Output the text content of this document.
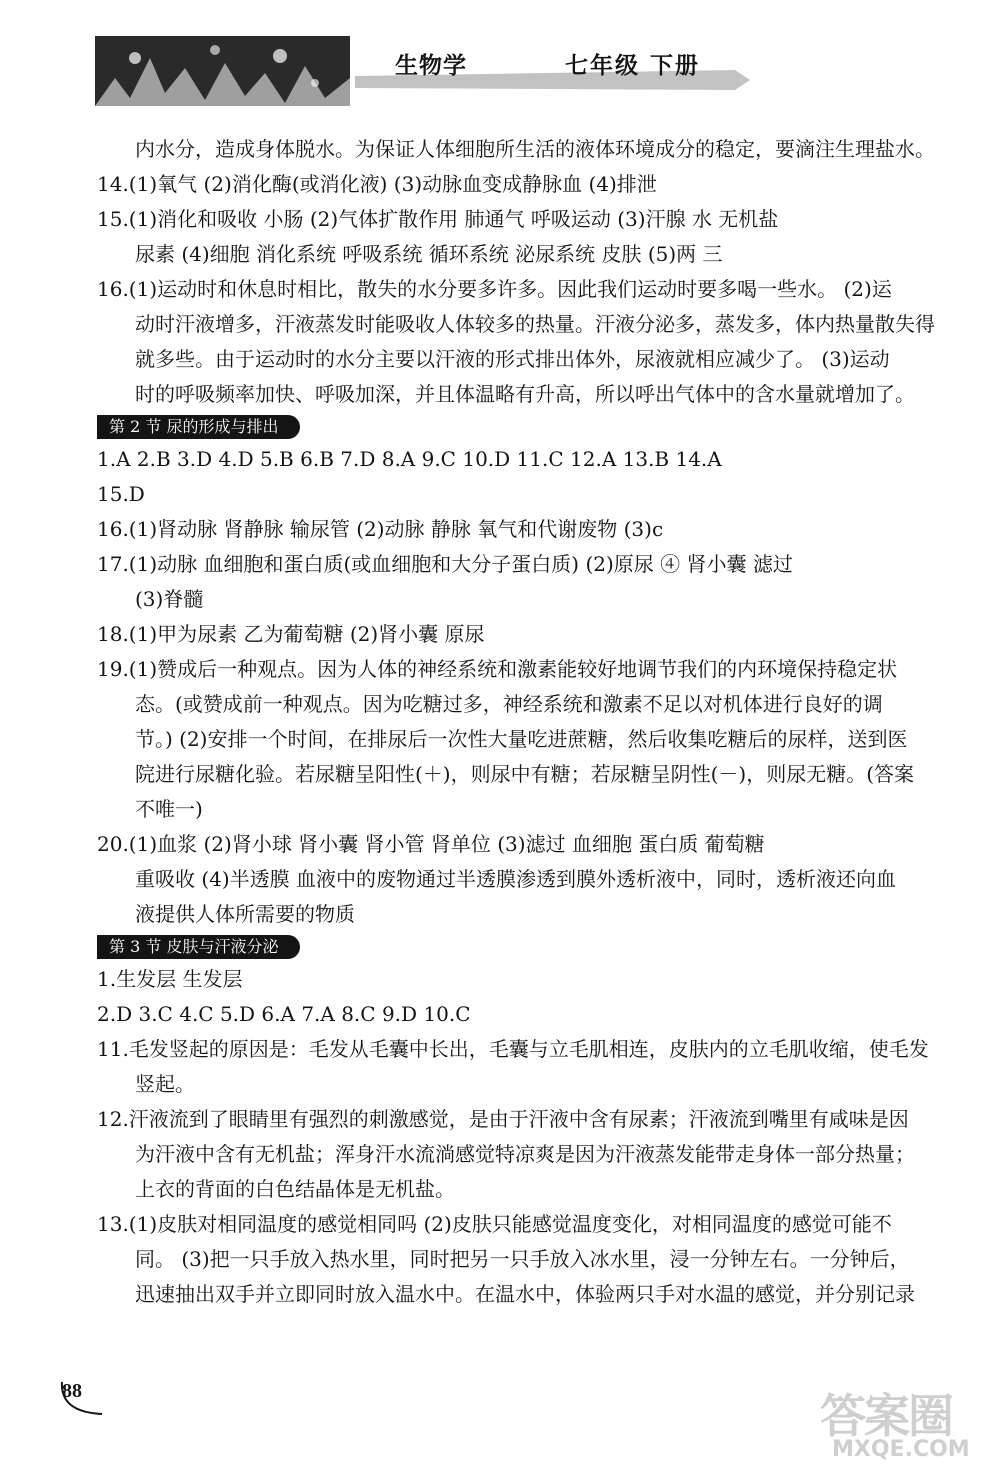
生物学	七年级 下册
内水分，造成身体脱水。为保证人体细胞所生活的液体环境成分的稳定，要滴注生理盐水。
14.(1)氧气 (2)消化酶(或消化液) (3)动脉血变成静脉血 (4)排泄
15.(1)消化和吸收 小肠 (2)气体扩散作用 肺通气 呼吸运动 (3)汗腺 水 无机盐
尿素 (4)细胞 消化系统 呼吸系统 循环系统 泌尿系统 皮肤 (5)两 三
16.(1)运动时和休息时相比，散失的水分要多许多。因此我们运动时要多喝一些水。 (2)运
动时汗液增多，汗液蒸发时能吸收人体较多的热量。汗液分泌多，蒸发多，体内热量散失得
就多些。由于运动时的水分主要以汗液的形式排出体外，尿液就相应减少了。 (3)运动
时的呼吸频率加快、呼吸加深，并且体温略有升高，所以呼出气体中的含水量就增加了。
第 2 节 尿的形成与排出
1.A 2.B 3.D 4.D 5.B 6.B 7.D 8.A 9.C 10.D 11.C 12.A 13.B 14.A
15.D
16.(1)肾动脉 肾静脉 输尿管 (2)动脉 静脉 氧气和代谢废物 (3)c
17.(1)动脉 血细胞和蛋白质(或血细胞和大分子蛋白质) (2)原尿 ④ 肾小囊 滤过
(3)脊髓
18.(1)甲为尿素 乙为葡萄糖 (2)肾小囊 原尿
19.(1)赞成后一种观点。因为人体的神经系统和激素能较好地调节我们的内环境保持稳定状
态。(或赞成前一种观点。因为吃糖过多，神经系统和激素不足以对机体进行良好的调
节。) (2)安排一个时间，在排尿后一次性大量吃进蔗糖，然后收集吃糖后的尿样，送到医
院进行尿糖化验。若尿糖呈阳性(＋)，则尿中有糖；若尿糖呈阴性(－)，则尿无糖。(答案
不唯一)
20.(1)血浆 (2)肾小球 肾小囊 肾小管 肾单位 (3)滤过 血细胞 蛋白质 葡萄糖
重吸收 (4)半透膜 血液中的废物通过半透膜渗透到膜外透析液中，同时，透析液还向血
液提供人体所需要的物质
第 3 节 皮肤与汗液分泌
1.生发层 生发层
2.D 3.C 4.C 5.D 6.A 7.A 8.C 9.D 10.C
11.毛发竖起的原因是：毛发从毛囊中长出，毛囊与立毛肌相连，皮肤内的立毛肌收缩，使毛发
竖起。
12.汗液流到了眼睛里有强烈的刺激感觉，是由于汗液中含有尿素；汗液流到嘴里有咸味是因
为汗液中含有无机盐；浑身汗水流淌感觉特凉爽是因为汗液蒸发能带走身体一部分热量；
上衣的背面的白色结晶体是无机盐。
13.(1)皮肤对相同温度的感觉相同吗 (2)皮肤只能感觉温度变化，对相同温度的感觉可能不
同。 (3)把一只手放入热水里，同时把另一只手放入冰水里，浸一分钟左右。一分钟后，
迅速抽出双手并立即同时放入温水中。在温水中，体验两只手对水温的感觉，并分别记录
88	答案圈
MXQE.COM
